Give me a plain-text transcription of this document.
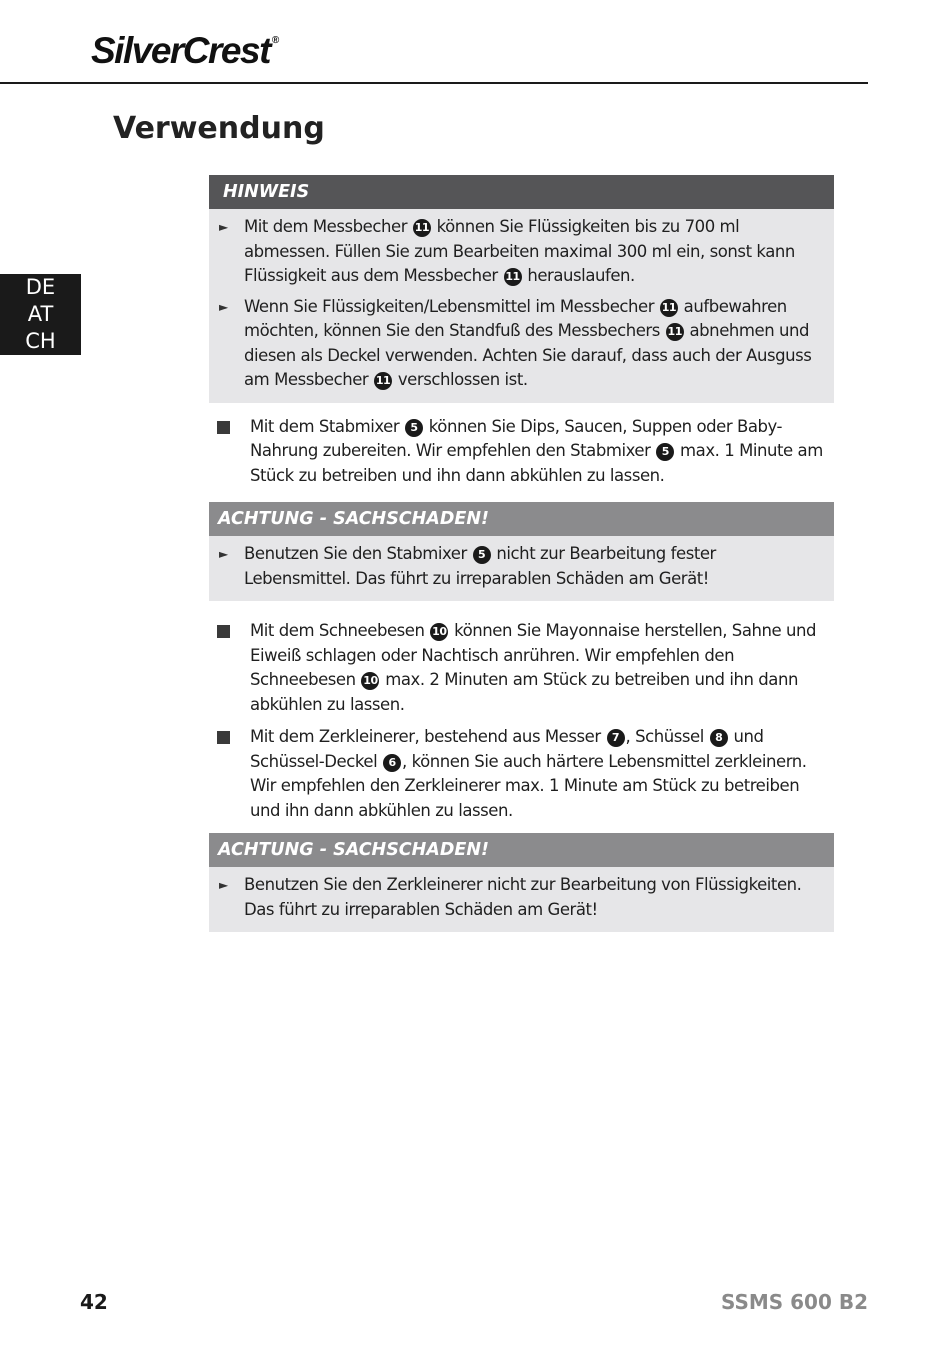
SilverCrest ®
Verwendung
DE
AT
CH
HINWEIS
► Mit dem Messbecher 11 können Sie Flüssigkeiten bis zu 700 ml abmessen. Füllen Sie zum Bearbeiten maximal 300 ml ein, sonst kann Flüssigkeit aus dem Messbecher 11 herauslaufen.
► Wenn Sie Flüssigkeiten/Lebensmittel im Messbecher 11 aufbewahren möchten, können Sie den Standfuß des Messbechers 11 abnehmen und diesen als Deckel verwenden. Achten Sie darauf, dass auch der Ausguss am Messbecher 11 verschlossen ist.
Mit dem Stabmixer 5 können Sie Dips, Saucen, Suppen oder Baby-Nahrung zubereiten. Wir empfehlen den Stabmixer 5 max. 1 Minute am Stück zu betreiben und ihn dann abkühlen zu lassen.
ACHTUNG - SACHSCHADEN!
► Benutzen Sie den Stabmixer 5 nicht zur Bearbeitung fester Lebensmittel. Das führt zu irreparablen Schäden am Gerät!
Mit dem Schneebesen 10 können Sie Mayonnaise herstellen, Sahne und Eiweiß schlagen oder Nachtisch anrühren. Wir empfehlen den Schneebesen 10 max. 2 Minuten am Stück zu betreiben und ihn dann abkühlen zu lassen.
Mit dem Zerkleinerer, bestehend aus Messer 7 , Schüssel 8 und Schüssel-Deckel 6 , können Sie auch härtere Lebensmittel zerkleinern. Wir empfehlen den Zerkleinerer max. 1 Minute am Stück zu betreiben und ihn dann abkühlen zu lassen.
ACHTUNG - SACHSCHADEN!
► Benutzen Sie den Zerkleinerer nicht zur Bearbeitung von Flüssigkeiten. Das führt zu irreparablen Schäden am Gerät!
42	SSMS 600 B2
